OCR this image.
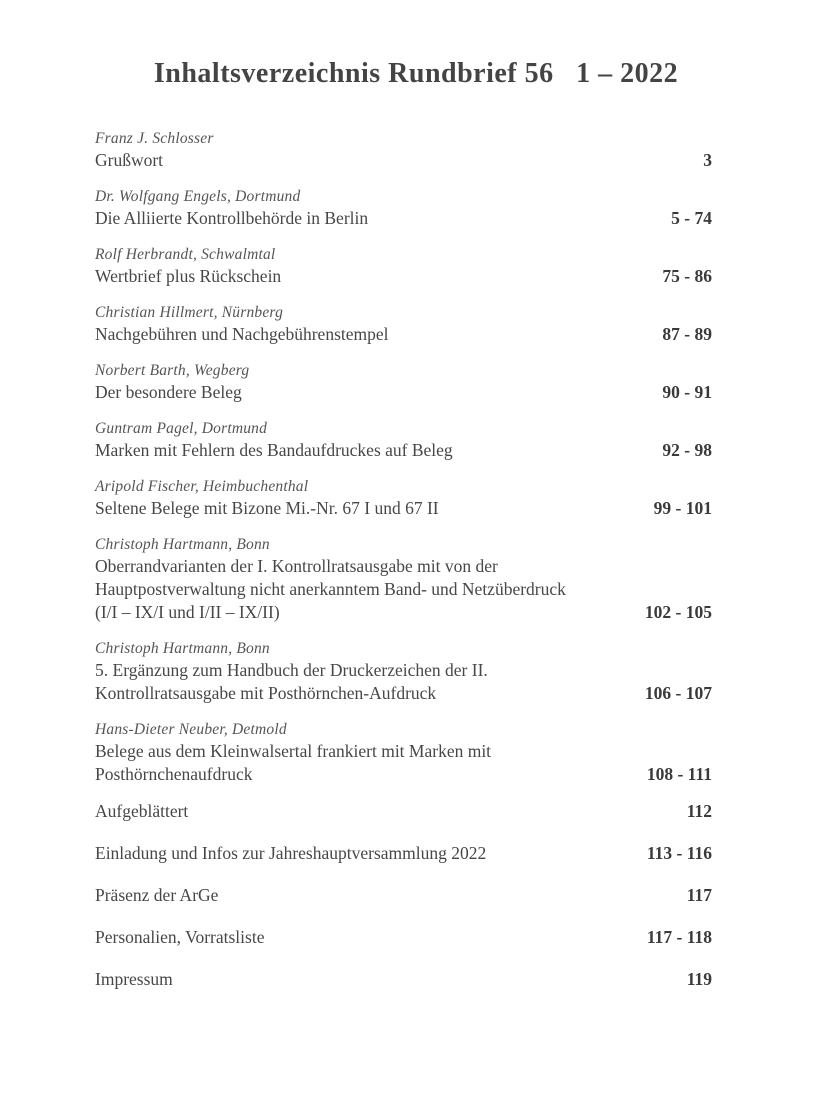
Inhaltsverzeichnis Rundbrief 56   1 – 2022
Franz J. Schlosser
Grußwort	3
Dr. Wolfgang Engels, Dortmund
Die Alliierte Kontrollbehörde in Berlin	5 - 74
Rolf Herbrandt, Schwalmtal
Wertbrief plus Rückschein	75 - 86
Christian Hillmert, Nürnberg
Nachgebühren und Nachgebührenstempel	87 - 89
Norbert Barth, Wegberg
Der besondere Beleg	90 - 91
Guntram Pagel, Dortmund
Marken mit Fehlern des Bandaufdruckes auf Beleg	92 - 98
Aripold Fischer, Heimbuchenthal
Seltene Belege mit Bizone Mi.-Nr. 67 I und 67 II	99 - 101
Christoph Hartmann, Bonn
Oberrandvarianten der I. Kontrollratsausgabe mit von der
Hauptpostverwaltung nicht anerkanntem Band- und Netzüberdruck
(I/I – IX/I und I/II – IX/II)	102 - 105
Christoph Hartmann, Bonn
5. Ergänzung zum Handbuch der Druckerzeichen der II.
Kontrollratsausgabe mit Posthörnchen-Aufdruck	106 - 107
Hans-Dieter Neuber, Detmold
Belege aus dem Kleinwalsertal frankiert mit Marken mit
Posthörnchenaufdruck	108 - 111
Aufgeblättert	112
Einladung und Infos zur Jahreshauptversammlung 2022	113 - 116
Präsenz der ArGe	117
Personalien, Vorratsliste	117 - 118
Impressum	119
